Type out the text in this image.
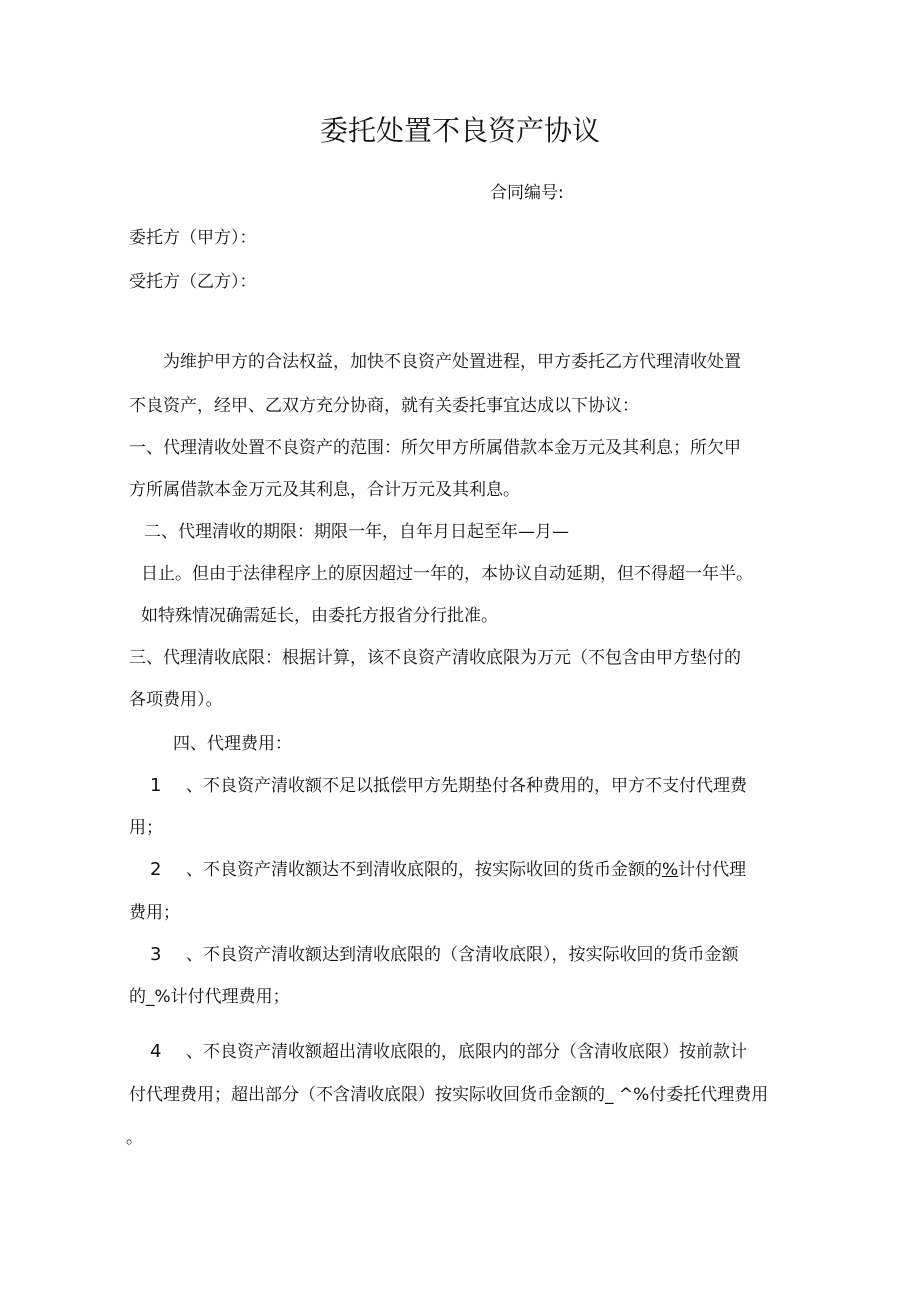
委托处置不良资产协议
合同编号:
委托方（甲方）：
受托方（乙方）：
为维护甲方的合法权益，加快不良资产处置进程，甲方委托乙方代理清收处置
不良资产，经甲、乙双方充分协商，就有关委托事宜达成以下协议：
一、代理清收处置不良资产的范围：所欠甲方所属借款本金万元及其利息；所欠甲
方所属借款本金万元及其利息，合计万元及其利息。
二、代理清收的期限：期限一年，自年月日起至年—月—
日止。但由于法律程序上的原因超过一年的，本协议自动延期，但不得超一年半。
如特殊情况确需延长，由委托方报省分行批准。
三、代理清收底限：根据计算，该不良资产清收底限为万元（不包含由甲方垫付的
各项费用）。
四、代理费用：
1 、不良资产清收额不足以抵偿甲方先期垫付各种费用的，甲方不支付代理费
用；
2 、不良资产清收额达不到清收底限的，按实际收回的货币金额的%计付代理
费用；
3 、不良资产清收额达到清收底限的（含清收底限），按实际收回的货币金额
的_%计付代理费用；
4 、不良资产清收额超出清收底限的，底限内的部分（含清收底限）按前款计
付代理费用；超出部分（不含清收底限）按实际收回货币金额的_ ^%付委托代理费用
。
